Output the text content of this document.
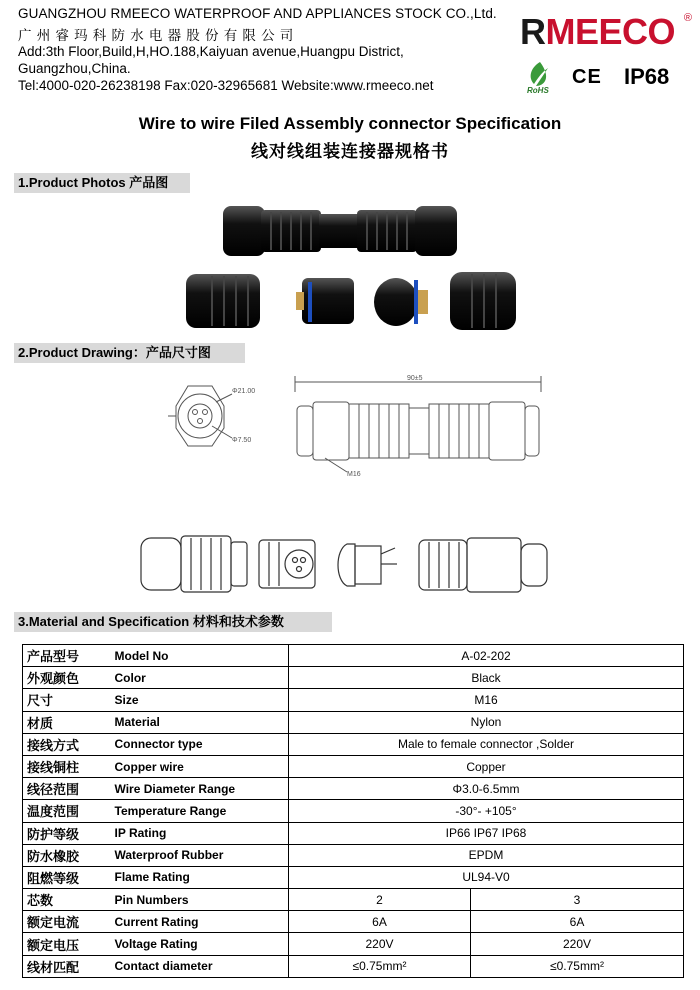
GUANGZHOU RMEECO WATERPROOF AND APPLIANCES STOCK CO.,Ltd.
广州睿玛科防水电器股份有限公司
Add:3th Floor,Build,H,HO.188,Kaiyuan avenue,Huangpu District,
Guangzhou,China.
Tel:4000-020-26238198 Fax:020-32965681 Website:www.rmeeco.net
RMEECO ®
RoHS
CE IP68
Wire to wire Filed Assembly connector Specification
线对线组装连接器规格书
1.Product Photos 产品图
2.Product Drawing：产品尺寸图
Φ21.00
Φ7.50
90±5
M16
3.Material and Specification 材料和技术参数
产品型号	Model No	A-02-202	
外观颜色	Color	Black	
尺寸	Size	M16	
材质	Material	Nylon	
接线方式	Connector type	Male to female connector ,Solder	
接线铜柱	Copper wire	Copper	
线径范围	Wire Diameter Range	Φ3.0-6.5mm	
温度范围	Temperature Range	-30°- +105°	
防护等级	IP Rating	IP66 IP67 IP68	
防水橡胶	Waterproof Rubber	EPDM	
阻燃等级	Flame Rating	UL94-V0	
芯数	Pin Numbers	2	3
额定电流	Current Rating	6A	6A
额定电压	Voltage Rating	220V	220V
线材匹配	Contact diameter	≤0.75mm²	≤0.75mm²
